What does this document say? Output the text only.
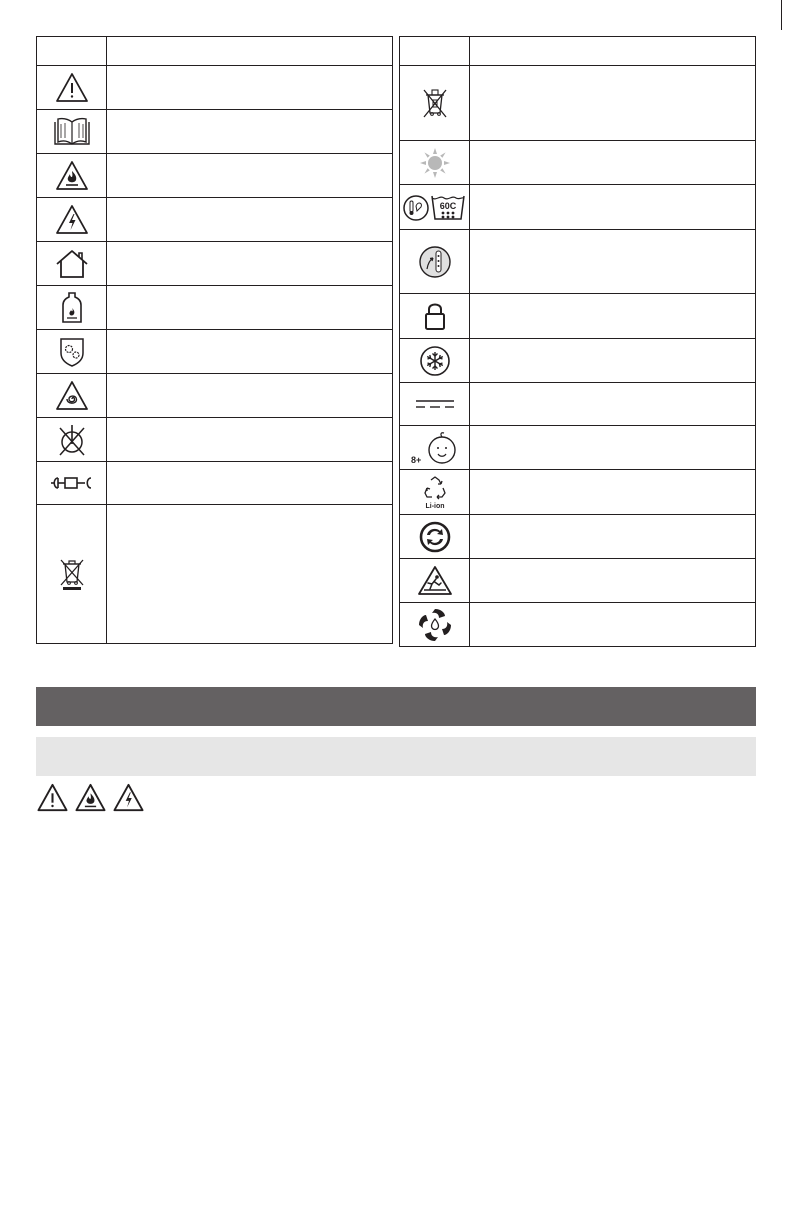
60C	

8+	

Li-ion	
